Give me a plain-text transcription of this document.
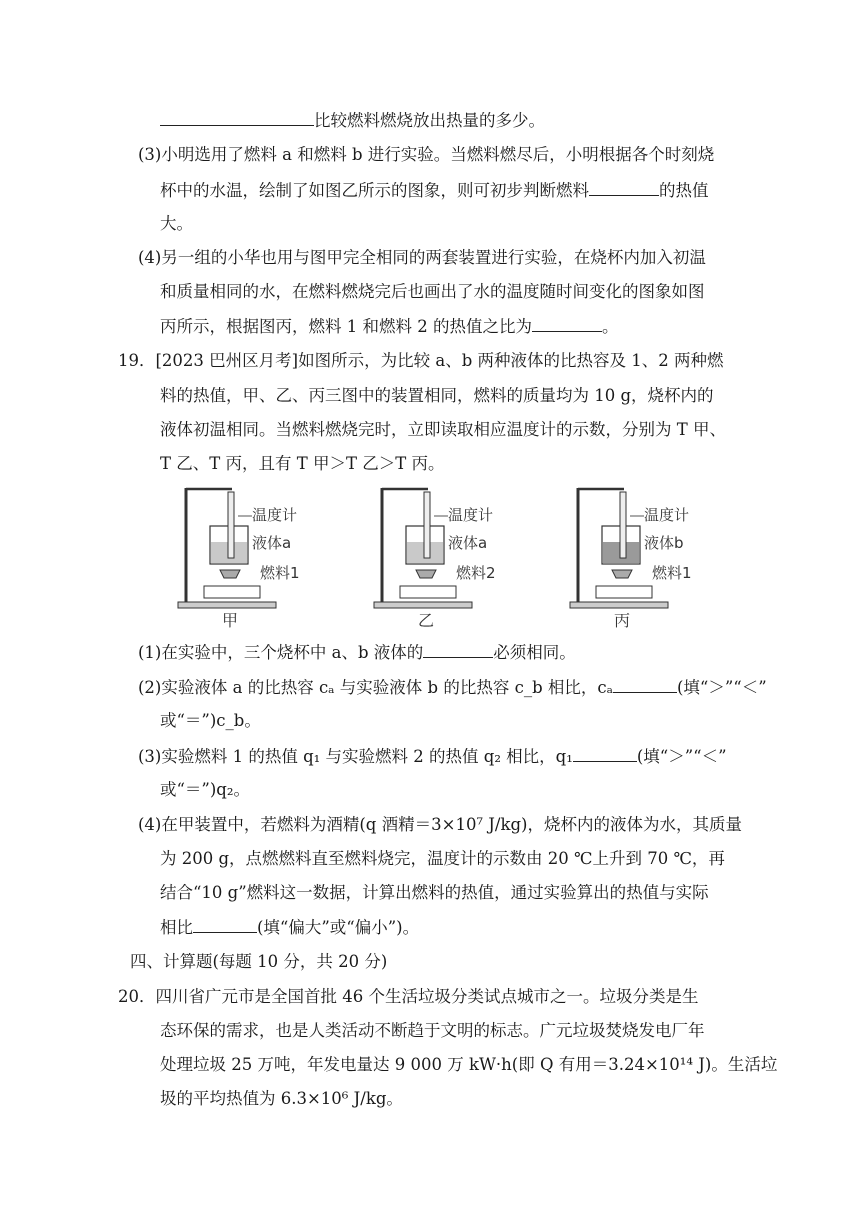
比较燃料燃烧放出热量的多少。
(3)小明选用了燃料 a 和燃料 b 进行实验。当燃料燃尽后，小明根据各个时刻烧
杯中的水温，绘制了如图乙所示的图象，则可初步判断燃料	的热值
大。
(4)另一组的小华也用与图甲完全相同的两套装置进行实验，在烧杯内加入初温
和质量相同的水，在燃料燃烧完后也画出了水的温度随时间变化的图象如图
丙所示，根据图丙，燃料 1 和燃料 2 的热值之比为	。
19．[2023 巴州区月考]如图所示，为比较 a、b 两种液体的比热容及 1、2 两种燃
料的热值，甲、乙、丙三图中的装置相同，燃料的质量均为 10 g，烧杯内的
液体初温相同。当燃料燃烧完时，立即读取相应温度计的示数，分别为 T 甲、
T 乙、T 丙，且有 T 甲＞T 乙＞T 丙。
温度计
液体a
燃料1
甲
温度计
液体a
燃料2
乙
温度计
液体b
燃料1
丙
(1)在实验中，三个烧杯中 a、b 液体的	必须相同。
(2)实验液体 a 的比热容 cₐ 与实验液体 b 的比热容 c_b 相比，cₐ	(填“＞”“＜”
或“＝”)c_b。
(3)实验燃料 1 的热值 q₁ 与实验燃料 2 的热值 q₂ 相比，q₁	(填“＞”“＜”
或“＝”)q₂。
(4)在甲装置中，若燃料为酒精(q 酒精＝3×10⁷ J/kg)，烧杯内的液体为水，其质量
为 200 g，点燃燃料直至燃料烧完，温度计的示数由 20 ℃上升到 70 ℃，再
结合“10 g”燃料这一数据，计算出燃料的热值，通过实验算出的热值与实际
相比	(填“偏大”或“偏小”)。
四、计算题(每题 10 分，共 20 分)
20．四川省广元市是全国首批 46 个生活垃圾分类试点城市之一。垃圾分类是生
态环保的需求，也是人类活动不断趋于文明的标志。广元垃圾焚烧发电厂年
处理垃圾 25 万吨，年发电量达 9 000 万 kW·h(即 Q 有用＝3.24×10¹⁴ J)。生活垃
圾的平均热值为 6.3×10⁶ J/kg。
